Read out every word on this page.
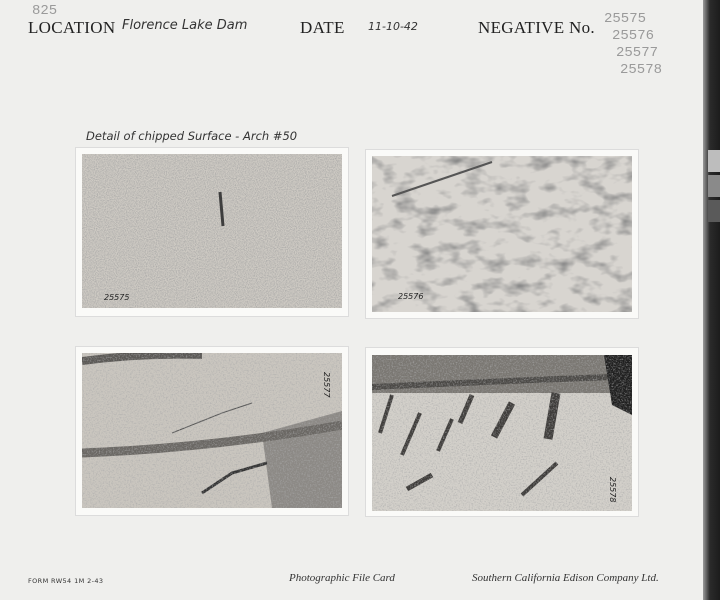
825
LOCATION Florence Lake Dam	DATE 11-10-42	NEGATIVE No. 25575
25576
25577
25578
Detail of chipped Surface - Arch #50
25575	25576
25577
25578
FORM RW54 1M 2-43	Photographic File Card	Southern California Edison Company Ltd.
